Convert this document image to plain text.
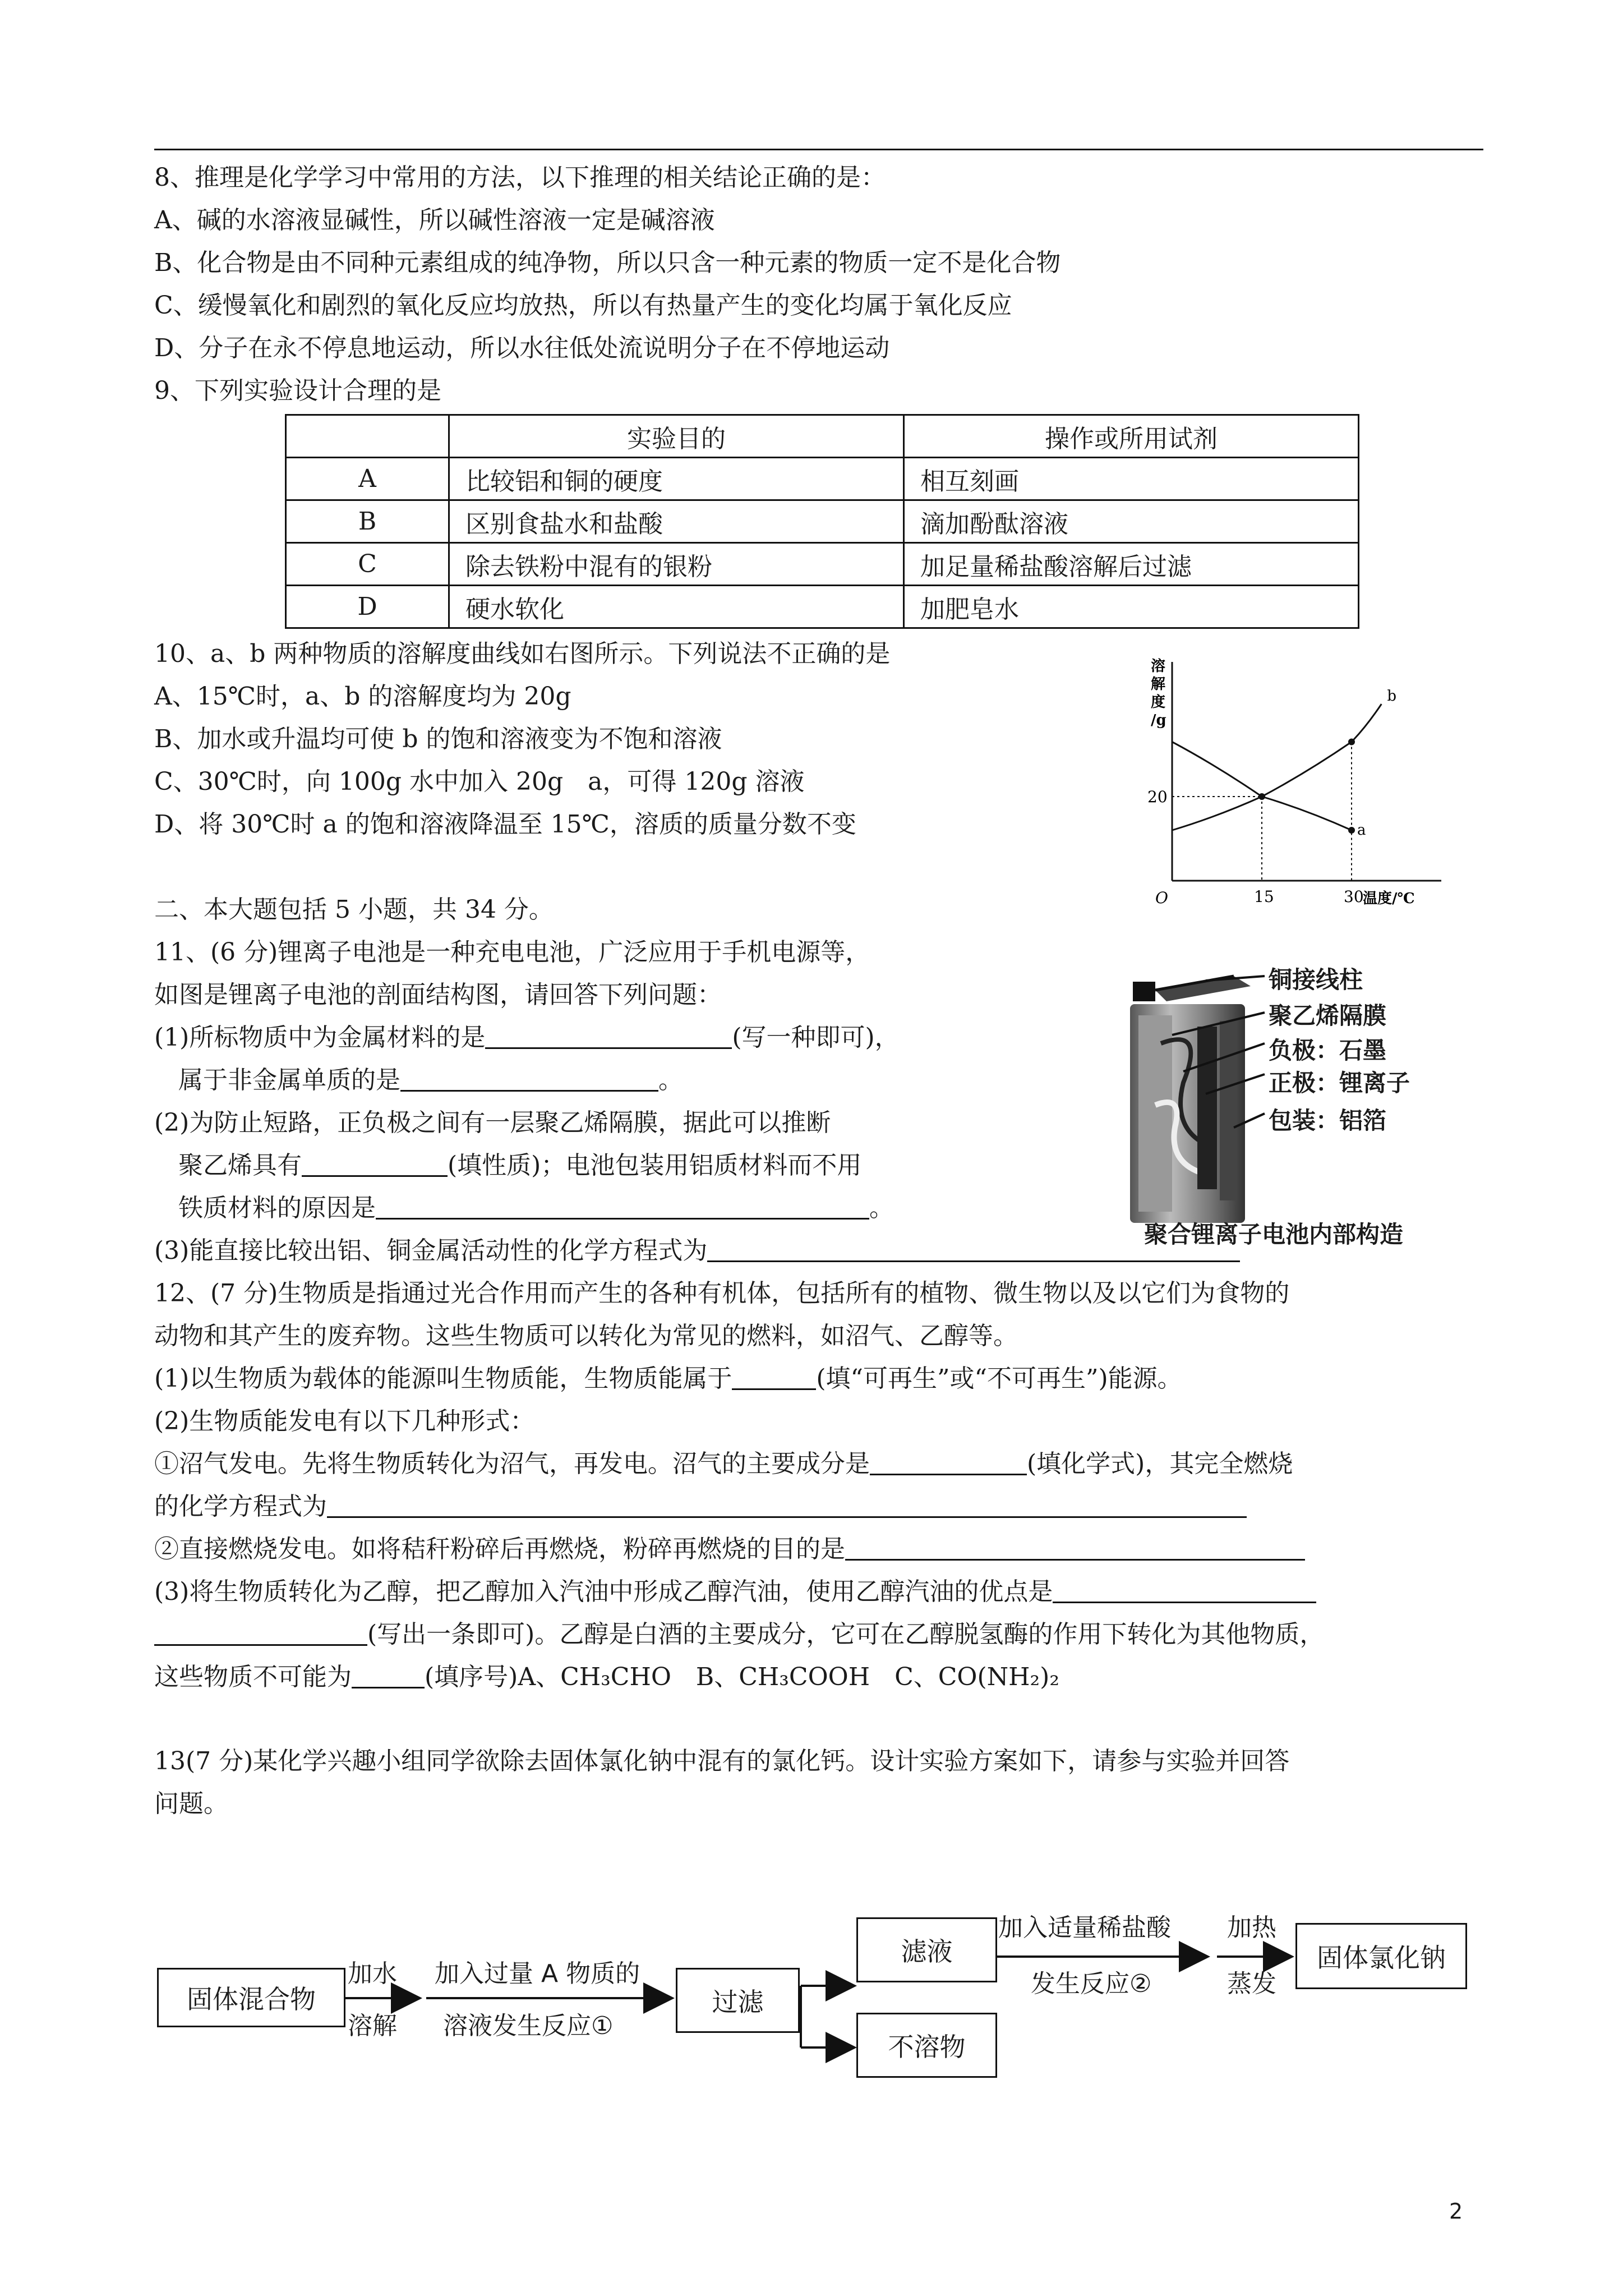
8、推理是化学学习中常用的方法，以下推理的相关结论正确的是：
A、碱的水溶液显碱性，所以碱性溶液一定是碱溶液
B、化合物是由不同种元素组成的纯净物，所以只含一种元素的物质一定不是化合物
C、缓慢氧化和剧烈的氧化反应均放热，所以有热量产生的变化均属于氧化反应
D、分子在永不停息地运动，所以水往低处流说明分子在不停地运动
9、下列实验设计合理的是
	实验目的	操作或所用试剂
A	比较铝和铜的硬度	相互刻画
B	区别食盐水和盐酸	滴加酚酞溶液
C	除去铁粉中混有的银粉	加足量稀盐酸溶解后过滤
D	硬水软化	加肥皂水
10、a、b 两种物质的溶解度曲线如右图所示。下列说法不正确的是
A、15℃时，a、b 的溶解度均为 20g
B、加水或升温均可使 b 的饱和溶液变为不饱和溶液
C、30℃时，向 100g 水中加入 20g　a，可得 120g 溶液
D、将 30℃时 a 的饱和溶液降温至 15℃，溶质的质量分数不变
溶
解
度
/g
温度/℃
O	15	30
20
a
b
二、本大题包括 5 小题，共 34 分。
11、(6 分)锂离子电池是一种充电电池，广泛应用于手机电源等，
如图是锂离子电池的剖面结构图，请回答下列问题：
(1)所标物质中为金属材料的是	(写一种即可)，
属于非金属单质的是	。
(2)为防止短路，正负极之间有一层聚乙烯隔膜，据此可以推断
聚乙烯具有	(填性质)；电池包装用铝质材料而不用
铁质材料的原因是	。
(3)能直接比较出铝、铜金属活动性的化学方程式为
铜接线柱
聚乙烯隔膜
负极：石墨
正极：锂离子
包装：铝箔
聚合锂离子电池内部构造
12、(7 分)生物质是指通过光合作用而产生的各种有机体，包括所有的植物、微生物以及以它们为食物的
动物和其产生的废弃物。这些生物质可以转化为常见的燃料，如沼气、乙醇等。
(1)以生物质为载体的能源叫生物质能，生物质能属于	(填“可再生”或“不可再生”)能源。
(2)生物质能发电有以下几种形式：
①沼气发电。先将生物质转化为沼气，再发电。沼气的主要成分是	(填化学式)，其完全燃烧
的化学方程式为
②直接燃烧发电。如将秸秆粉碎后再燃烧，粉碎再燃烧的目的是
(3)将生物质转化为乙醇，把乙醇加入汽油中形成乙醇汽油，使用乙醇汽油的优点是
(写出一条即可)。乙醇是白酒的主要成分，它可在乙醇脱氢酶的作用下转化为其他物质，
这些物质不可能为	(填序号)A、CH₃CHO　B、CH₃COOH　C、CO(NH₂)₂
13(7 分)某化学兴趣小组同学欲除去固体氯化钠中混有的氯化钙。设计实验方案如下，请参与实验并回答
问题。
固体混合物
加水
溶解
加入过量 A 物质的
溶液发生反应①
过滤
滤液
不溶物
加入适量稀盐酸
发生反应②
加热
蒸发
固体氯化钠
2
